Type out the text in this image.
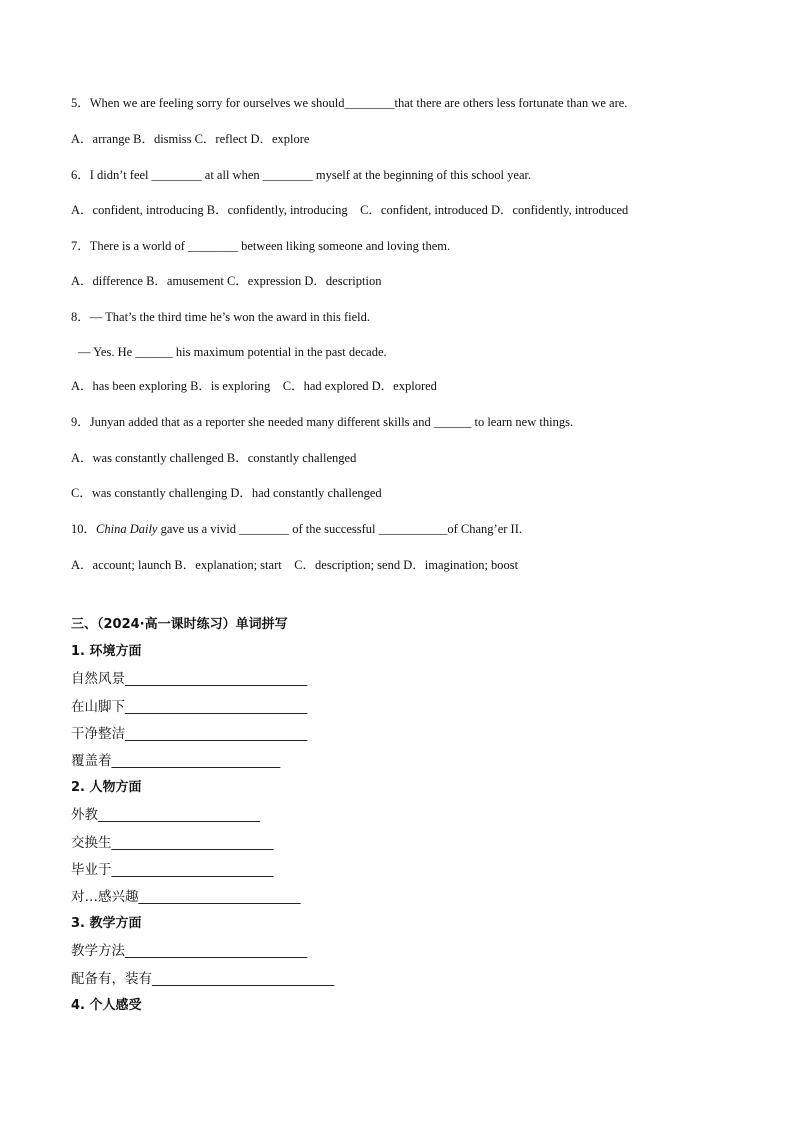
5．When we are feeling sorry for ourselves we should________that there are others less fortunate than we are.
A．arrange B．dismiss C．reflect D．explore
6．I didn’t feel ________ at all when ________ myself at the beginning of this school year.
A．confident, introducing B．confidently, introducing　C．confident, introduced D．confidently, introduced
7．There is a world of ________ between liking someone and loving them.
A．difference B．amusement C．expression D．description
8．— That’s the third time he’s won the award in this field.
— Yes. He ______ his maximum potential in the past decade.
A．has been exploring B．is exploring　C．had explored D．explored
9．Junyan added that as a reporter she needed many different skills and ______ to learn new things.
A．was constantly challenged B．constantly challenged
C．was constantly challenging D．had constantly challenged
10．China Daily gave us a vivid ________ of the successful ___________of Chang’er II.
A．account; launch B．explanation; start　C．description; send D．imagination; boost
三、（2024·高一课时练习）单词拼写
1. 环境方面
自然风景___________________________
在山脚下___________________________
干净整洁___________________________
覆盖着_________________________
2. 人物方面
外教________________________
交换生________________________
毕业于________________________
对…感兴趣________________________
3. 教学方面
教学方法___________________________
配备有，装有___________________________
4. 个人感受
